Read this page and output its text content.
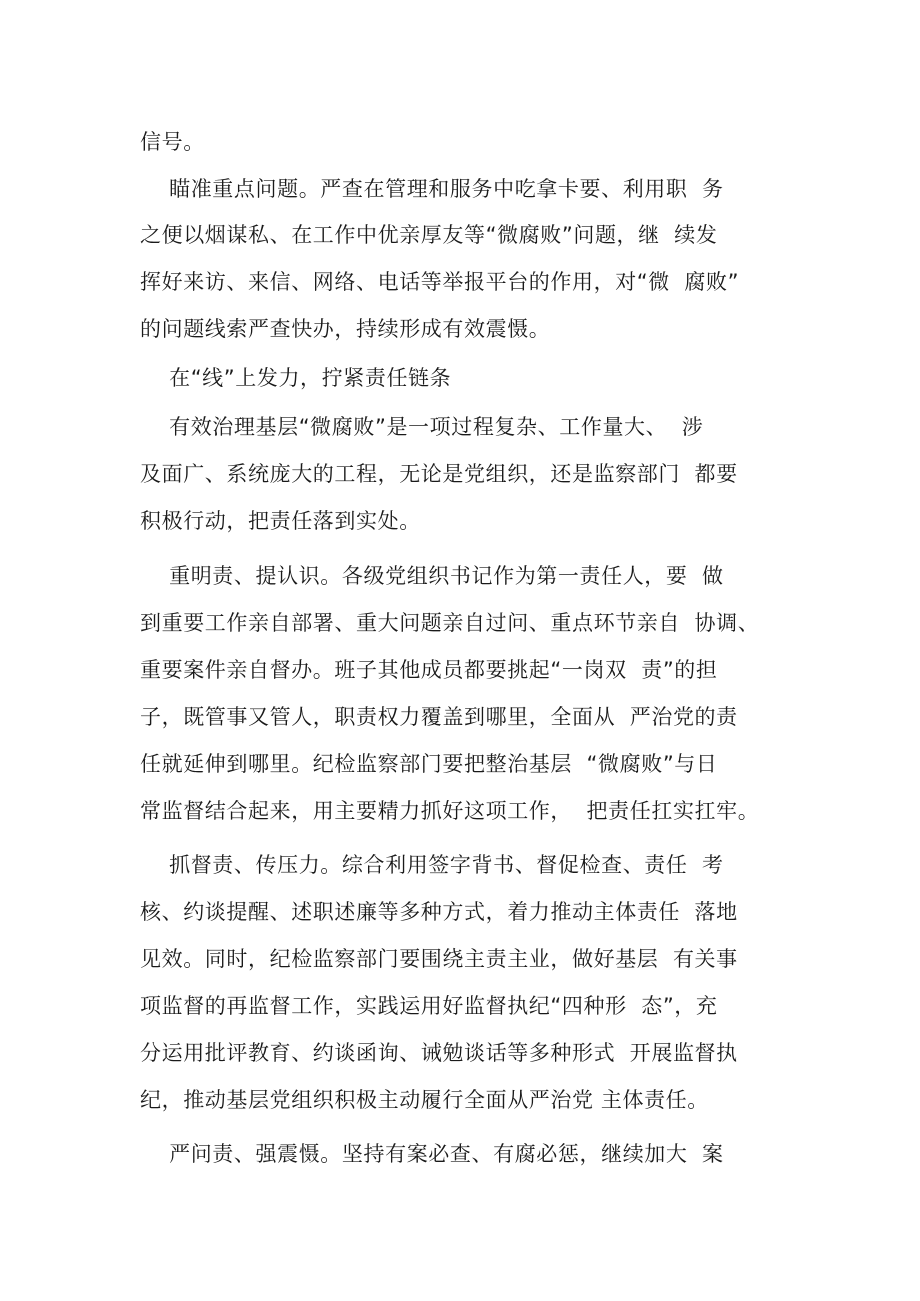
信号。
瞄准重点问题。严查在管理和服务中吃拿卡要、利用职  务
之便以烟谋私、在工作中优亲厚友等“微腐败”问题，继  续发
挥好来访、来信、网络、电话等举报平台的作用，对“微  腐败”
的问题线索严查快办，持续形成有效震慑。
在“线”上发力，拧紧责任链条
有效治理基层“微腐败”是一项过程复杂、工作量大、  涉
及面广、系统庞大的工程，无论是党组织，还是监察部门  都要
积极行动，把责任落到实处。
重明责、提认识。各级党组织书记作为第一责任人，要  做
到重要工作亲自部署、重大问题亲自过问、重点环节亲自  协调、
重要案件亲自督办。班子其他成员都要挑起“一岗双  责”的担
子，既管事又管人，职责权力覆盖到哪里，全面从  严治党的责
任就延伸到哪里。纪检监察部门要把整治基层  “微腐败”与日
常监督结合起来，用主要精力抓好这项工作，  把责任扛实扛牢。
抓督责、传压力。综合利用签字背书、督促检查、责任  考
核、约谈提醒、述职述廉等多种方式，着力推动主体责任  落地
见效。同时，纪检监察部门要围绕主责主业，做好基层  有关事
项监督的再监督工作，实践运用好监督执纪“四种形  态”，充
分运用批评教育、约谈函询、诫勉谈话等多种形式  开展监督执
纪，推动基层党组织积极主动履行全面从严治党 主体责任。
严问责、强震慑。坚持有案必查、有腐必惩，继续加大  案
